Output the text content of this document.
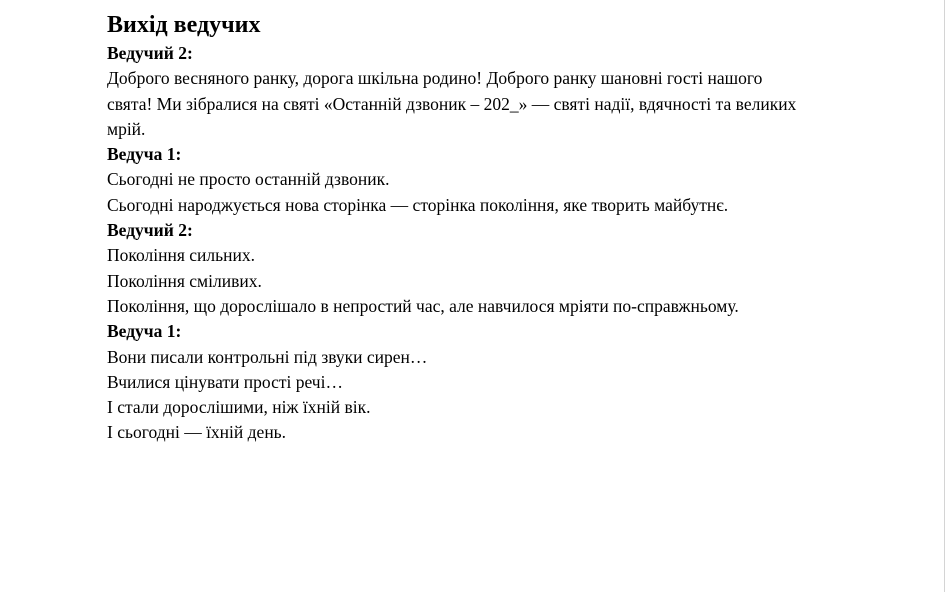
Вихід ведучих

Ведучий 2:

Доброго весняного ранку, дорога шкільна родино! Доброго ранку шановні гості нашого

свята! Ми зібралися на святі «Останній дзвоник – 202_» — святі надії, вдячності та великих

мрій.

Ведуча 1:

Сьогодні не просто останній дзвоник.

Сьогодні народжується нова сторінка — сторінка покоління, яке творить майбутнє.

Ведучий 2:

Покоління сильних.

Покоління сміливих.

Покоління, що дорослішало в непростий час, але навчилося мріяти по-справжньому.

Ведуча 1:

Вони писали контрольні під звуки сирен…

Вчилися цінувати прості речі…

І стали дорослішими, ніж їхній вік.

І сьогодні — їхній день.
